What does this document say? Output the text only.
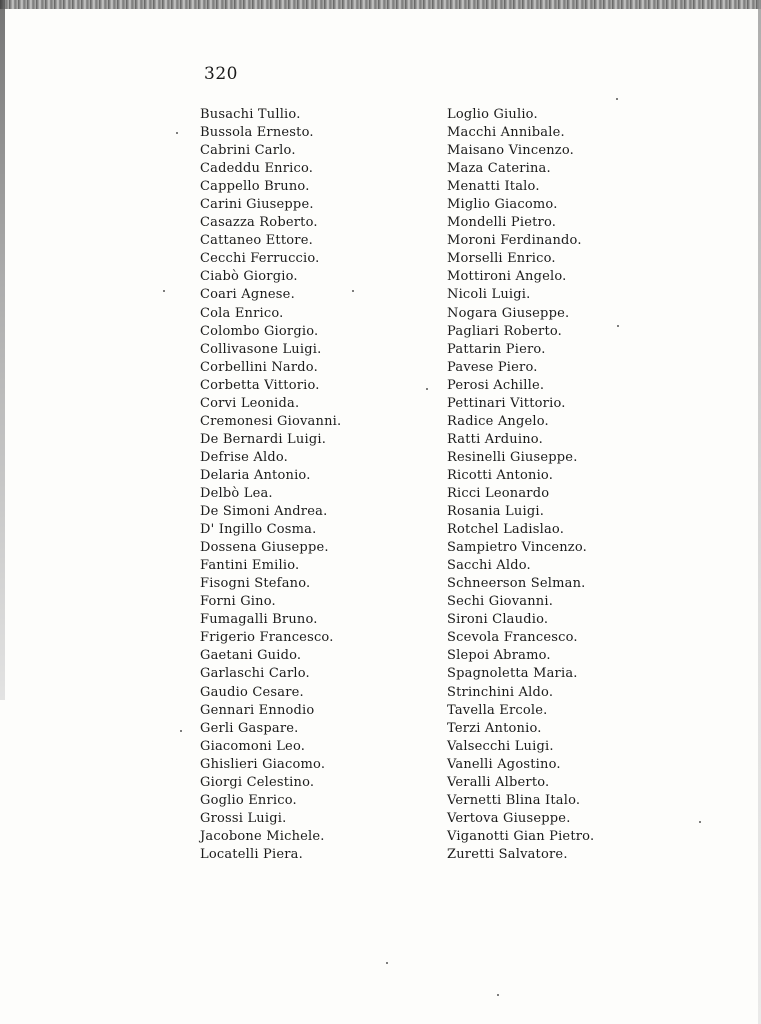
320
Busachi Tullio.
Bussola Ernesto.
Cabrini Carlo.
Cadeddu Enrico.
Cappello Bruno.
Carini Giuseppe.
Casazza Roberto.
Cattaneo Ettore.
Cecchi Ferruccio.
Ciabò Giorgio.
Coari Agnese.
Cola Enrico.
Colombo Giorgio.
Collivasone Luigi.
Corbellini Nardo.
Corbetta Vittorio.
Corvi Leonida.
Cremonesi Giovanni.
De Bernardi Luigi.
Defrise Aldo.
Delaria Antonio.
Delbò Lea.
De Simoni Andrea.
D' Ingillo Cosma.
Dossena Giuseppe.
Fantini Emilio.
Fisogni Stefano.
Forni Gino.
Fumagalli Bruno.
Frigerio Francesco.
Gaetani Guido.
Garlaschi Carlo.
Gaudio Cesare.
Gennari Ennodio
Gerli Gaspare.
Giacomoni Leo.
Ghislieri Giacomo.
Giorgi Celestino.
Goglio Enrico.
Grossi Luigi.
Jacobone Michele.
Locatelli Piera.
Loglio Giulio.
Macchi Annibale.
Maisano Vincenzo.
Maza Caterina.
Menatti Italo.
Miglio Giacomo.
Mondelli Pietro.
Moroni Ferdinando.
Morselli Enrico.
Mottironi Angelo.
Nicoli Luigi.
Nogara Giuseppe.
Pagliari Roberto.
Pattarin Piero.
Pavese Piero.
Perosi Achille.
Pettinari Vittorio.
Radice Angelo.
Ratti Arduino.
Resinelli Giuseppe.
Ricotti Antonio.
Ricci Leonardo
Rosania Luigi.
Rotchel Ladislao.
Sampietro Vincenzo.
Sacchi Aldo.
Schneerson Selman.
Sechi Giovanni.
Sironi Claudio.
Scevola Francesco.
Slepoi Abramo.
Spagnoletta Maria.
Strinchini Aldo.
Tavella Ercole.
Terzi Antonio.
Valsecchi Luigi.
Vanelli Agostino.
Veralli Alberto.
Vernetti Blina Italo.
Vertova Giuseppe.
Viganotti Gian Pietro.
Zuretti Salvatore.
